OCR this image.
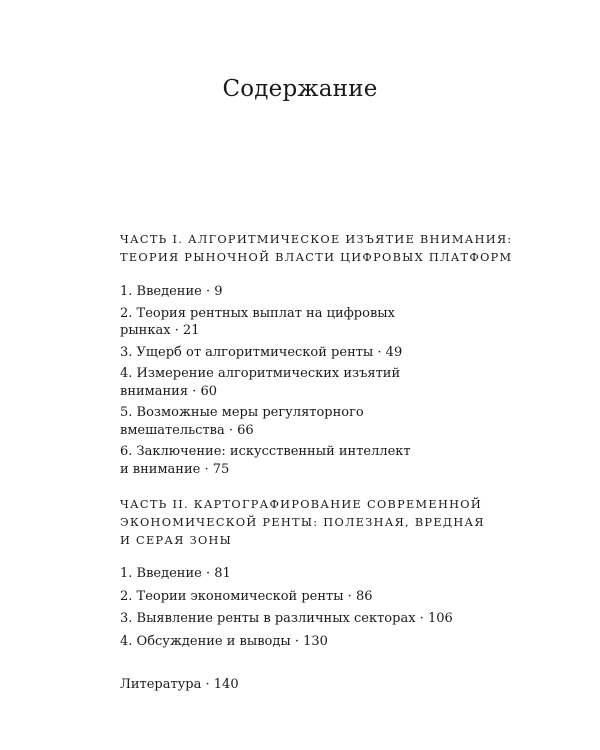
Содержание
ЧАСТЬ I. АЛГОРИТМИЧЕСКОЕ ИЗЪЯТИЕ ВНИМАНИЯ:
ТЕОРИЯ РЫНОЧНОЙ ВЛАСТИ ЦИФРОВЫХ ПЛАТФОРМ
1. Введение · 9
2. Теория рентных выплат на цифровых
рынках · 21
3. Ущерб от алгоритмической ренты · 49
4. Измерение алгоритмических изъятий
внимания · 60
5. Возможные меры регуляторного
вмешательства · 66
6. Заключение: искусственный интеллект
и внимание · 75
ЧАСТЬ II. КАРТОГРАФИРОВАНИЕ СОВРЕМЕННОЙ
ЭКОНОМИЧЕСКОЙ РЕНТЫ: ПОЛЕЗНАЯ, ВРЕДНАЯ
И СЕРАЯ ЗОНЫ
1. Введение · 81
2. Теории экономической ренты · 86
3. Выявление ренты в различных секторах · 106
4. Обсуждение и выводы · 130
Литература · 140
